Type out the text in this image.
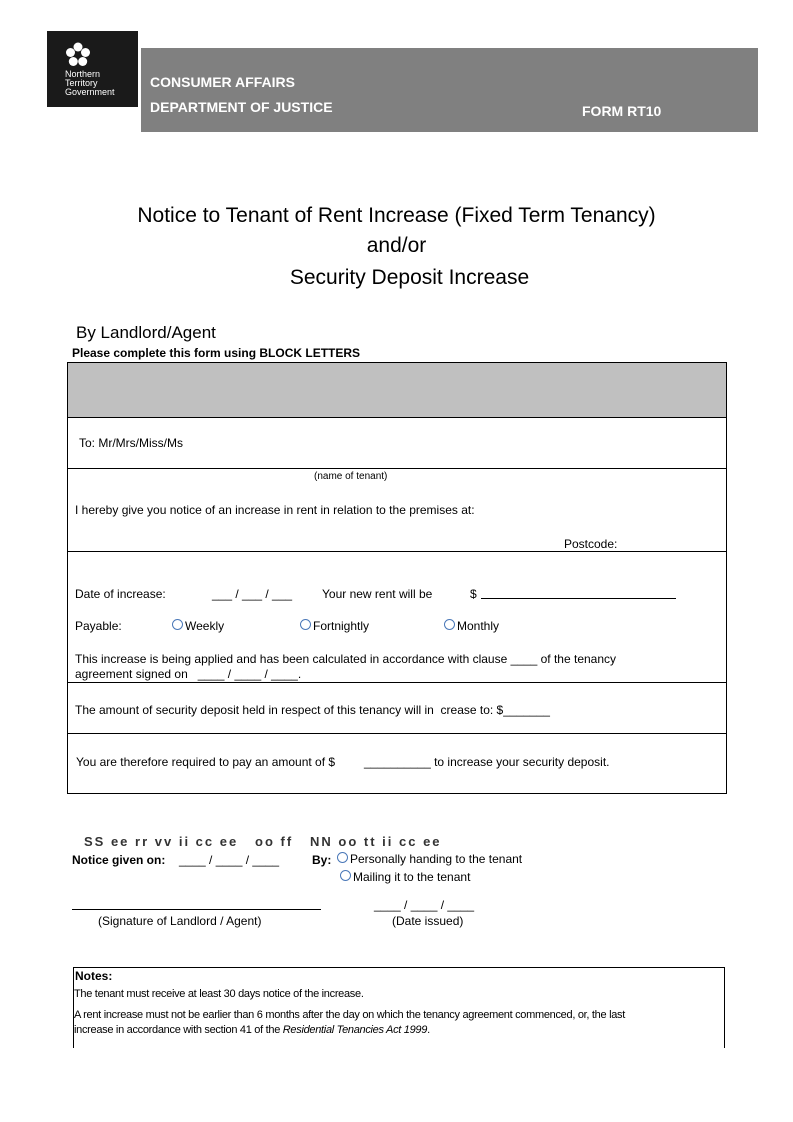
Northern
Territory
Government
CONSUMER AFFAIRS
DEPARTMENT OF JUSTICE	FORM RT10
Notice to Tenant of Rent Increase (Fixed Term Tenancy)
and/or
Security Deposit Increase
By Landlord/Agent
Please complete this form using BLOCK LETTERS
To: Mr/Mrs/Miss/Ms
(name of tenant)
I hereby give you notice of an increase in rent in relation to the premises at:
Postcode:
Date of increase:	___ / ___ / ___ Your new rent will be	$
Payable:	Weekly	Fortnightly	Monthly
This increase is being applied and has been calculated in accordance with clause ____ of the tenancy
agreement signed on   ____ / ____ / ____.
The amount of security deposit held in respect of this tenancy will in  crease to: $_______
You are therefore required to pay an amount of $ __________ to increase your security deposit.
SS ee rr vv ii cc ee   oo ff   NN oo tt ii cc ee
Notice given on: ____ / ____ / ____	By:	Personally handing to the tenant
Mailing it to the tenant
(Signature of Landlord / Agent)
____ / ____ / ____
(Date issued)
Notes:
The tenant must receive at least 30 days notice of the increase.
A rent increase must not be earlier than 6 months after the day on which the tenancy agreement commenced, or, the last
increase in accordance with section 41 of the Residential Tenancies Act 1999.
